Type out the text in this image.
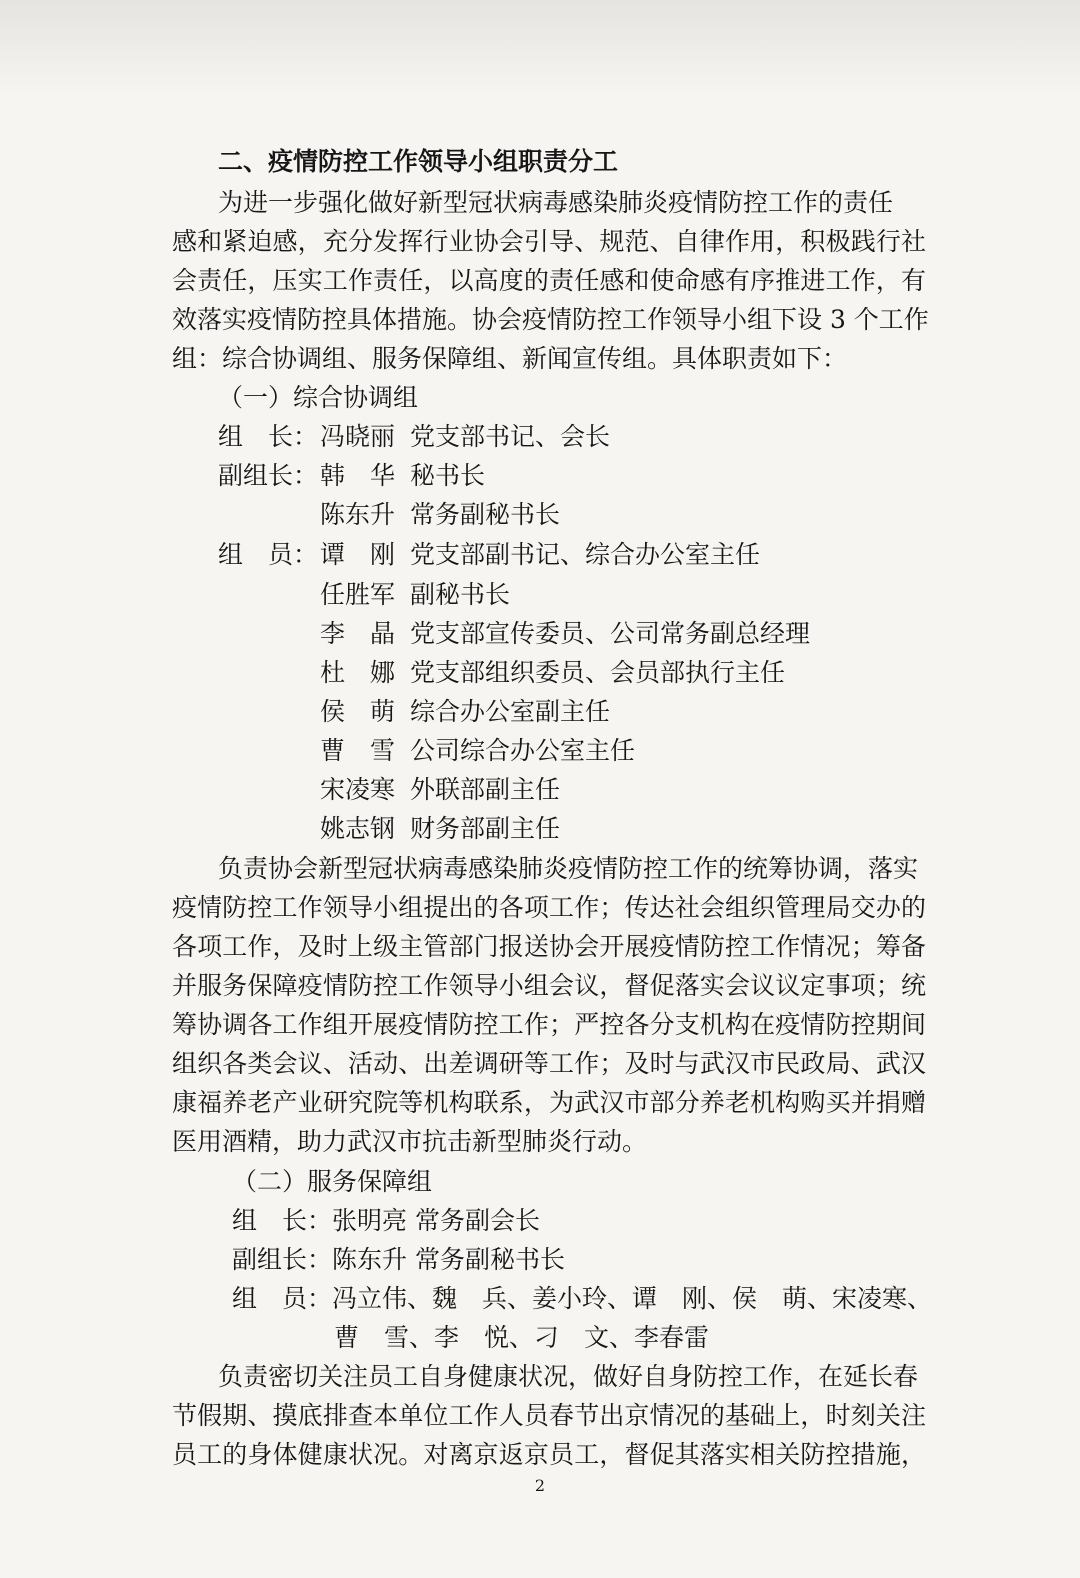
二、疫情防控工作领导小组职责分工

为进一步强化做好新型冠状病毒感染肺炎疫情防控工作的责任

感和紧迫感，充分发挥行业协会引导、规范、自律作用，积极践行社

会责任，压实工作责任，以高度的责任感和使命感有序推进工作，有

效落实疫情防控具体措施。协会疫情防控工作领导小组下设 3 个工作

组：综合协调组、服务保障组、新闻宣传组。具体职责如下：

（一）综合协调组

组　长： 冯晓丽 党支部书记、会长

副组长： 韩　华 秘书长

陈东升 常务副秘书长

组　员： 谭　刚 党支部副书记、综合办公室主任

任胜军 副秘书长

李　晶 党支部宣传委员、公司常务副总经理

杜　娜 党支部组织委员、会员部执行主任

侯　萌 综合办公室副主任

曹　雪 公司综合办公室主任

宋凌寒 外联部副主任

姚志钢 财务部副主任

负责协会新型冠状病毒感染肺炎疫情防控工作的统筹协调，落实

疫情防控工作领导小组提出的各项工作；传达社会组织管理局交办的

各项工作，及时上级主管部门报送协会开展疫情防控工作情况；筹备

并服务保障疫情防控工作领导小组会议，督促落实会议议定事项；统

筹协调各工作组开展疫情防控工作；严控各分支机构在疫情防控期间

组织各类会议、活动、出差调研等工作；及时与武汉市民政局、武汉

康福养老产业研究院等机构联系，为武汉市部分养老机构购买并捐赠

医用酒精，助力武汉市抗击新型肺炎行动。

（二）服务保障组

组　长：张明亮 常务副会长

副组长：陈东升 常务副秘书长

组　员：冯立伟、魏　兵、姜小玲、谭　刚、侯　萌、宋凌寒、

曹　雪、李　悦、刁　文、李春雷

负责密切关注员工自身健康状况，做好自身防控工作，在延长春

节假期、摸底排查本单位工作人员春节出京情况的基础上，时刻关注

员工的身体健康状况。对离京返京员工，督促其落实相关防控措施，

2
